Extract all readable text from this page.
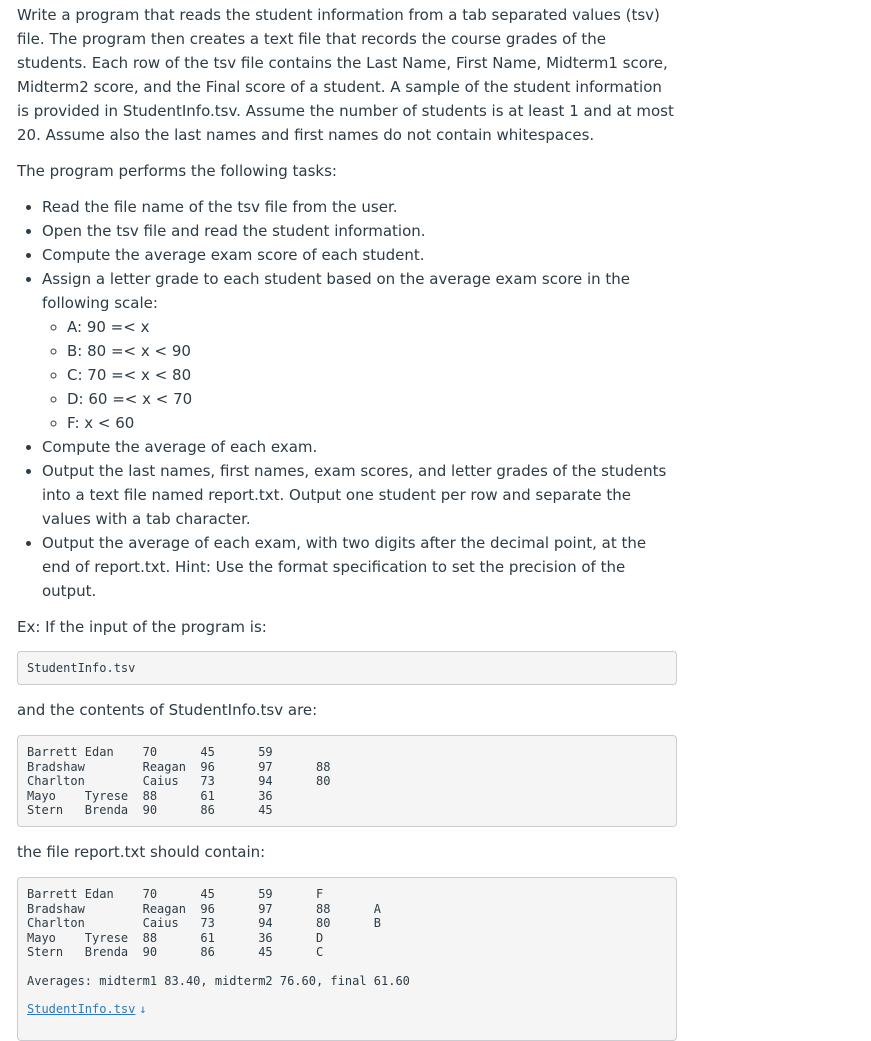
Write a program that reads the student information from a tab separated values (tsv) file. The program then creates a text file that records the course grades of the students. Each row of the tsv file contains the Last Name, First Name, Midterm1 score, Midterm2 score, and the Final score of a student. A sample of the student information is provided in StudentInfo.tsv. Assume the number of students is at least 1 and at most 20. Assume also the last names and first names do not contain whitespaces.

The program performs the following tasks:

• Read the file name of the tsv file from the user.
• Open the tsv file and read the student information.
• Compute the average exam score of each student.
• Assign a letter grade to each student based on the average exam score in the following scale:
◦ A: 90 =< x
◦ B: 80 =< x < 90
◦ C: 70 =< x < 80
◦ D: 60 =< x < 70
◦ F: x < 60
• Compute the average of each exam.
• Output the last names, first names, exam scores, and letter grades of the students into a text file named report.txt. Output one student per row and separate the values with a tab character.
• Output the average of each exam, with two digits after the decimal point, at the end of report.txt. Hint: Use the format specification to set the precision of the output.

Ex: If the input of the program is:

StudentInfo.tsv

and the contents of StudentInfo.tsv are:

Barrett	Edan	70	45	59
Bradshaw	Reagan	96	97	88
Charlton	Caius	73	94	80
Mayo	Tyrese	88	61	36
Stern	Brenda	90	86	45

the file report.txt should contain:

Barrett	Edan	70	45	59	F
Bradshaw	Reagan	96	97	88	A
Charlton	Caius	73	94	80	B
Mayo	Tyrese	88	61	36	D
Stern	Brenda	90	86	45	C
Averages: midterm1 83.40, midterm2 76.60, final 61.60
StudentInfo.tsv ↓
